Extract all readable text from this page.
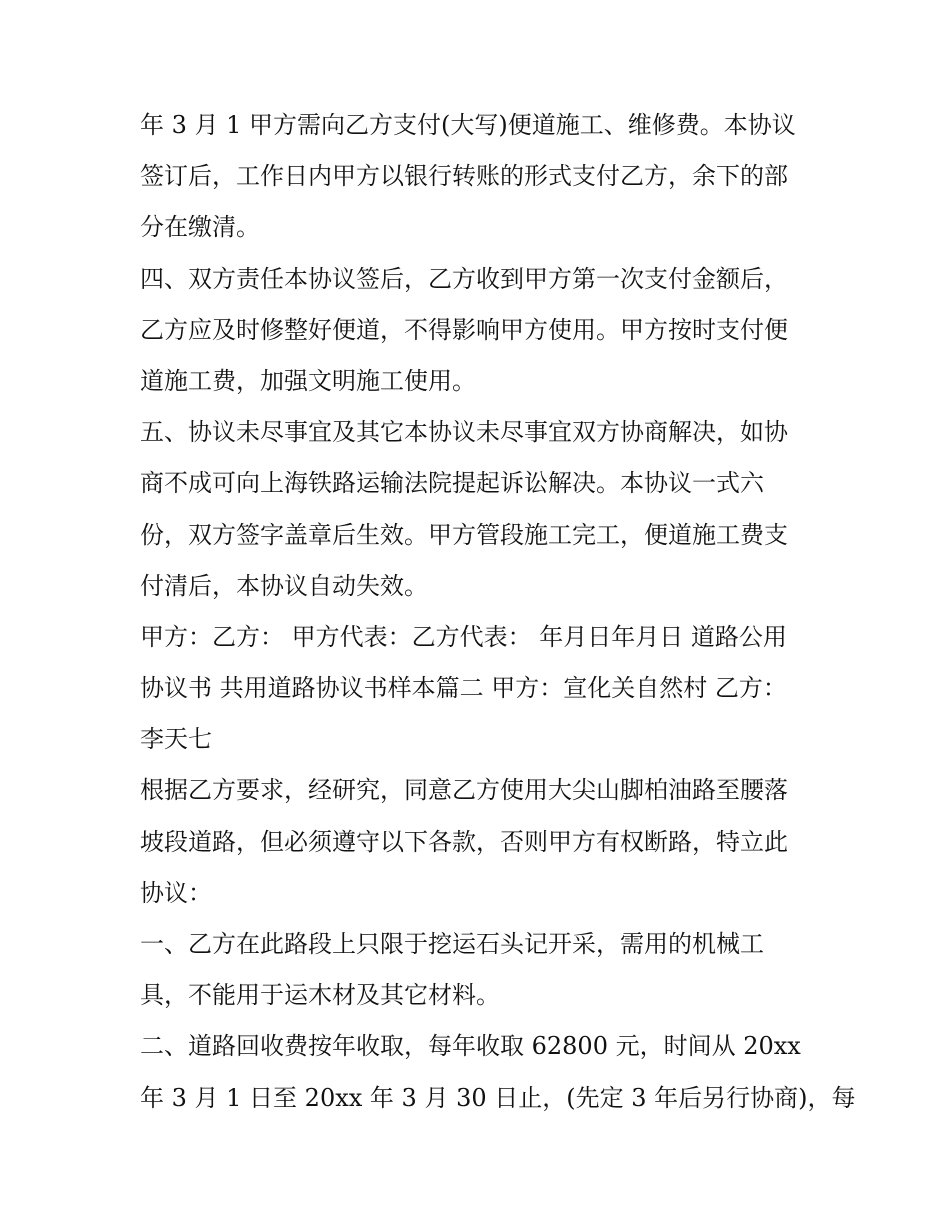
年 3 月 1 甲方需向乙方支付(大写)便道施工、维修费。本协议
签订后，工作日内甲方以银行转账的形式支付乙方，余下的部
分在缴清。
四、双方责任本协议签后，乙方收到甲方第一次支付金额后，
乙方应及时修整好便道，不得影响甲方使用。甲方按时支付便
道施工费，加强文明施工使用。
五、协议未尽事宜及其它本协议未尽事宜双方协商解决，如协
商不成可向上海铁路运输法院提起诉讼解决。本协议一式六
份，双方签字盖章后生效。甲方管段施工完工，便道施工费支
付清后，本协议自动失效。
甲方：乙方： 甲方代表：乙方代表： 年月日年月日 道路公用
协议书 共用道路协议书样本篇二 甲方：宣化关自然村 乙方：
李天七
根据乙方要求，经研究，同意乙方使用大尖山脚柏油路至腰落
坡段道路，但必须遵守以下各款，否则甲方有权断路，特立此
协议：
一、乙方在此路段上只限于挖运石头记开采，需用的机械工
具，不能用于运木材及其它材料。
二、道路回收费按年收取，每年收取 62800 元，时间从 20xx
年 3 月 1 日至 20xx 年 3 月 30 日止，(先定 3 年后另行协商)，每
